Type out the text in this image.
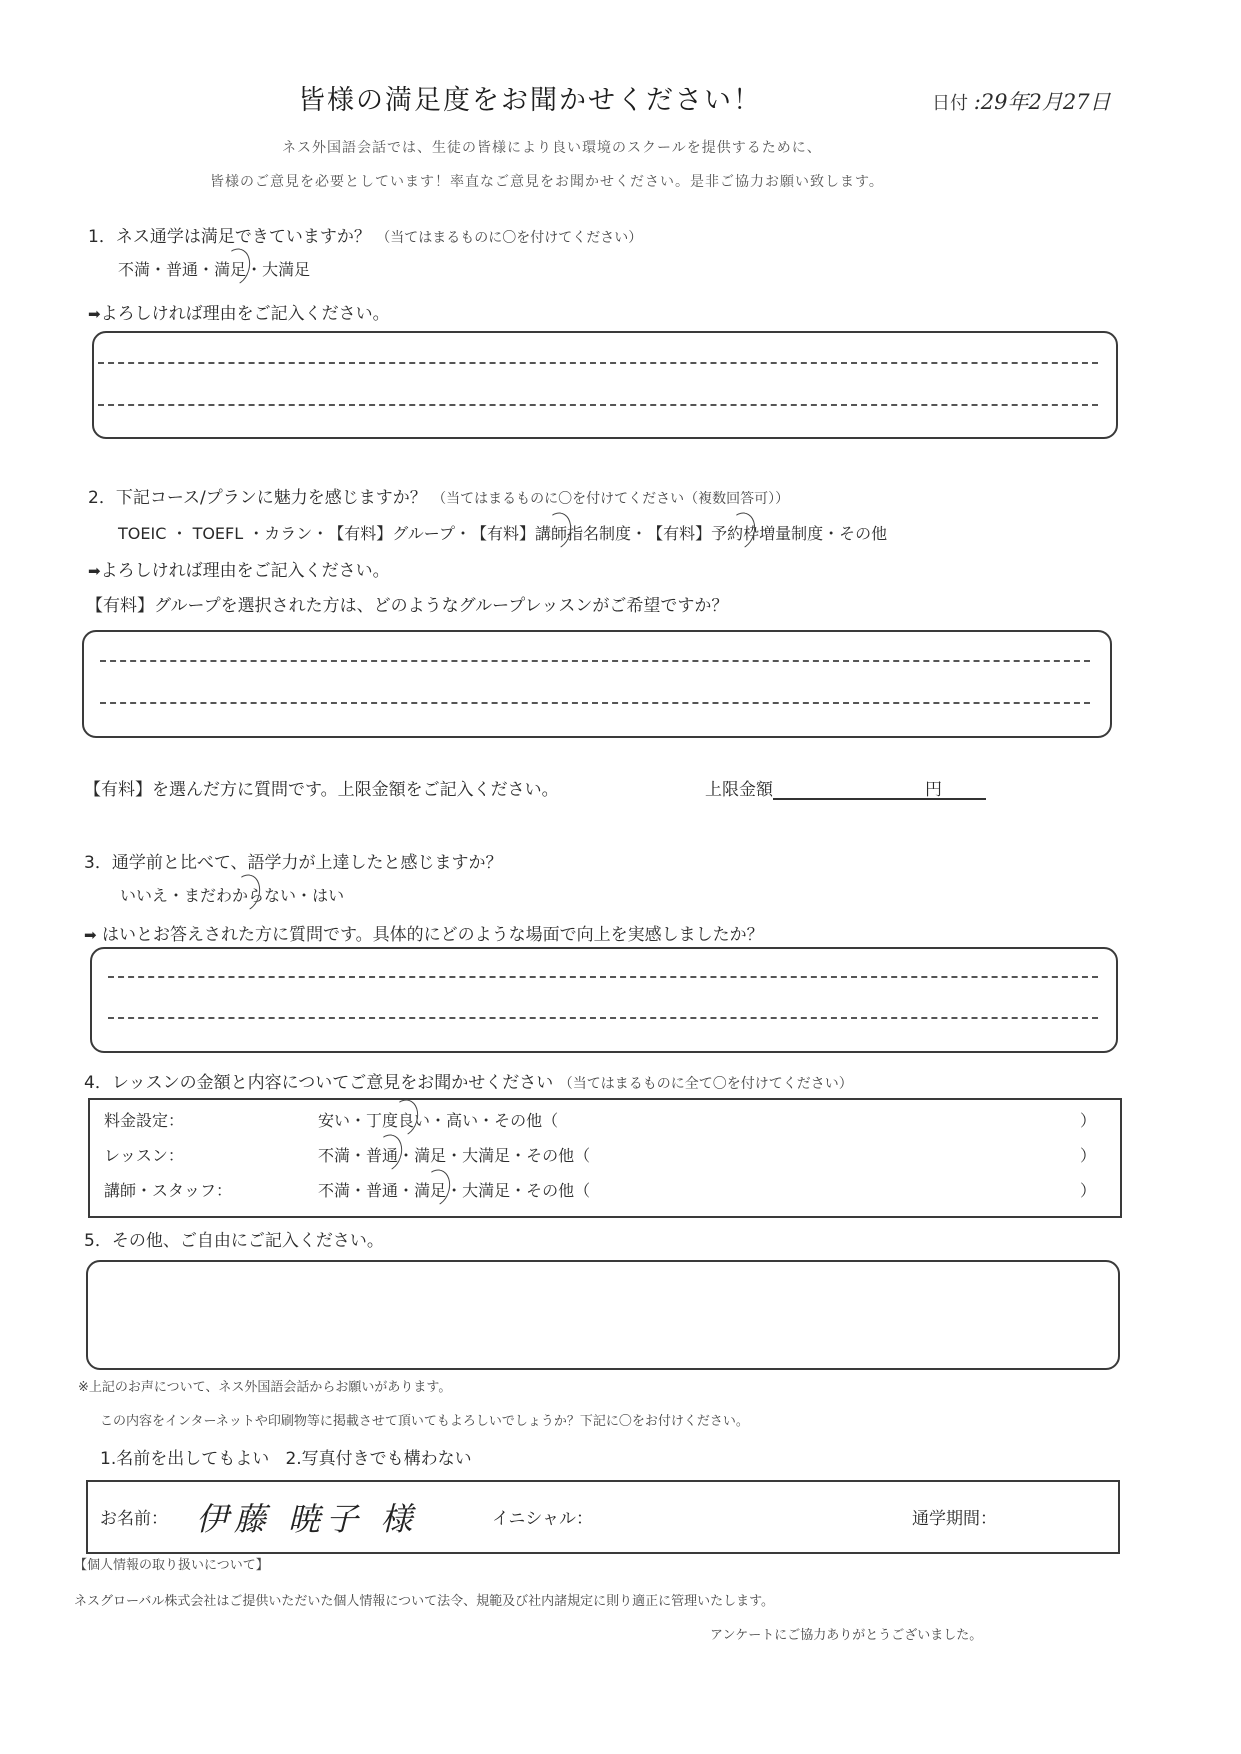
皆様の満足度をお聞かせください！	日付 :29年2月27日
ネス外国語会話では、生徒の皆様により良い環境のスクールを提供するために、
皆様のご意見を必要としています！率直なご意見をお聞かせください。是非ご協力お願い致します。
1．ネス通学は満足できていますか？ （当てはまるものに〇を付けてください）
不満・普通・満足・大満足
➡よろしければ理由をご記入ください。
2．下記コース/プランに魅力を感じますか？ （当てはまるものに〇を付けてください（複数回答可））
TOEIC ・ TOEFL ・カラン・【有料】グループ・【有料】講師指名制度・【有料】予約枠増量制度・その他
➡よろしければ理由をご記入ください。
【有料】グループを選択された方は、どのようなグループレッスンがご希望ですか？
【有料】を選んだ方に質問です。上限金額をご記入ください。	上限金額	円
3．通学前と比べて、語学力が上達したと感じますか？
いいえ・まだわからない・はい
➡ はいとお答えされた方に質問です。具体的にどのような場面で向上を実感しましたか？
4．レッスンの金額と内容についてご意見をお聞かせください （当てはまるものに全て〇を付けてください）
料金設定：	安い・丁度良い・高い・その他（	）
レッスン：	不満・普通・満足・大満足・その他（	）
講師・スタッフ：	不満・普通・満足・大満足・その他（	）
5．その他、ご自由にご記入ください。
※上記のお声について、ネス外国語会話からお願いがあります。
この内容をインターネットや印刷物等に掲載させて頂いてもよろしいでしょうか？下記に〇をお付けください。
1.名前を出してもよい 2.写真付きでも構わない
お名前： 伊藤 暁子 様	イニシャル：	通学期間：
【個人情報の取り扱いについて】
ネスグローバル株式会社はご提供いただいた個人情報について法令、規範及び社内諸規定に則り適正に管理いたします。
アンケートにご協力ありがとうございました。
